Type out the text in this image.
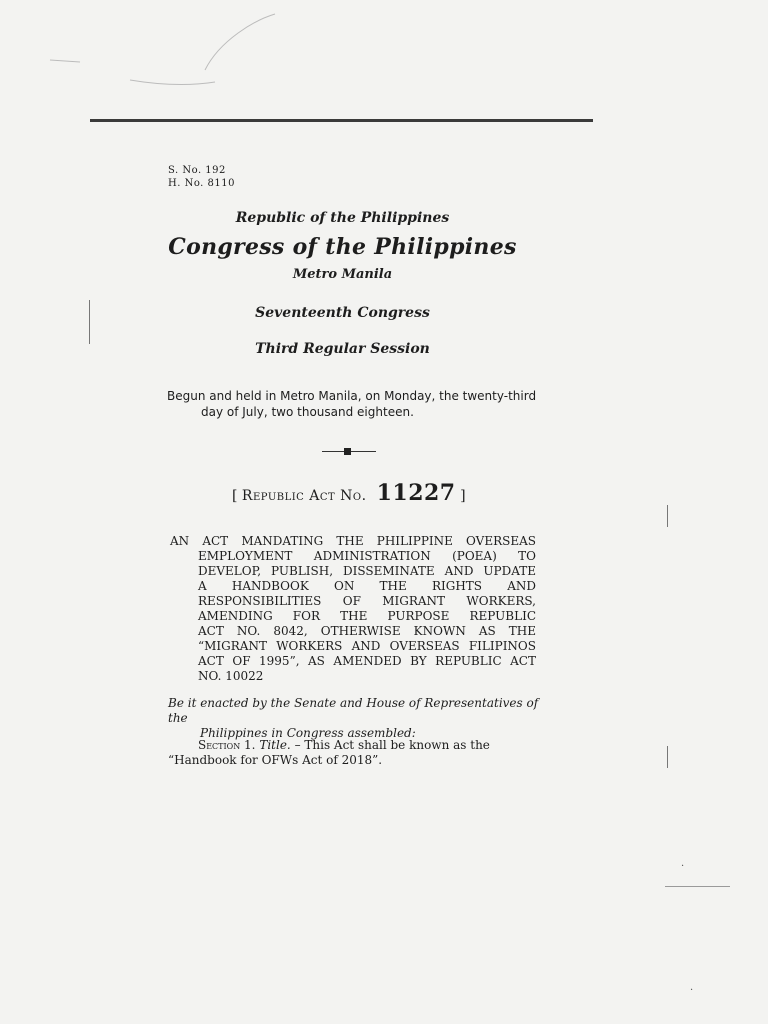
S. No. 192
H. No. 8110
Republic of the Philippines
Congress of the Philippines
Metro Manila
Seventeenth Congress
Third Regular Session
Begun and held in Metro Manila, on Monday, the twenty-third
day of July, two thousand eighteen.
[ Republic Act No. 11227 ]

AN ACT MANDATING THE PHILIPPINE OVERSEAS

EMPLOYMENT ADMINISTRATION (POEA) TO

DEVELOP, PUBLISH, DISSEMINATE AND UPDATE

A HANDBOOK ON THE RIGHTS AND

RESPONSIBILITIES OF MIGRANT WORKERS,

AMENDING FOR THE PURPOSE REPUBLIC

ACT NO. 8042, OTHERWISE KNOWN AS THE

“MIGRANT WORKERS AND OVERSEAS FILIPINOS

ACT OF 1995”, AS AMENDED BY REPUBLIC ACT

NO. 10022

Be it enacted by the Senate and House of Representatives of the
Philippines in Congress assembled:
Section 1. Title. – This Act shall be known as the
“Handbook for OFWs Act of 2018”.
·
·
